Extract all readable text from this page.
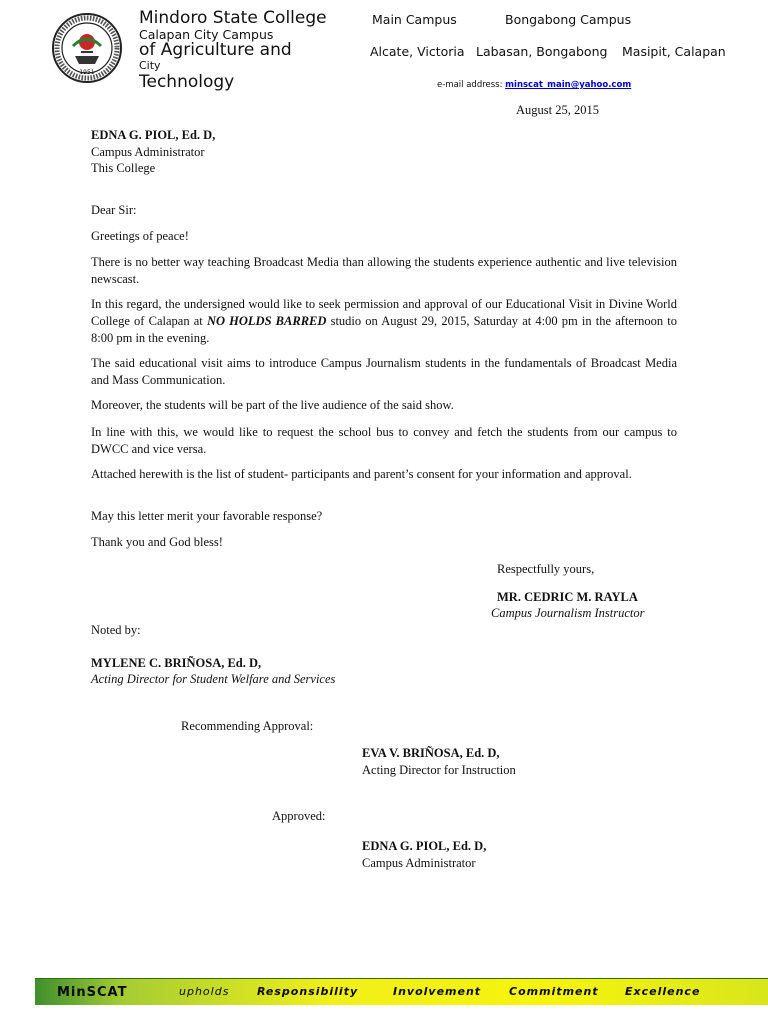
1951
Mindoro State College
Calapan City Campus
of Agriculture and
City
Technology
Main Campus	Bongabong Campus
Alcate, Victoria Labasan, Bongabong Masipit, Calapan
e-mail address: minscat_main@yahoo.com
August 25, 2015
EDNA G. PIOL, Ed. D,
Campus Administrator
This College
Dear Sir:
Greetings of peace!
There is no better way teaching Broadcast Media than allowing the students experience authentic and live television newscast.
In this regard, the undersigned would like to seek permission and approval of our Educational Visit in Divine World College of Calapan at NO HOLDS BARRED studio on August 29, 2015, Saturday at 4:00 pm in the afternoon to 8:00 pm in the evening.
The said educational visit aims to introduce Campus Journalism students in the fundamentals of Broadcast Media and Mass Communication.
Moreover, the students will be part of the live audience of the said show.
In line with this, we would like to request the school bus to convey and fetch the students from our campus to DWCC and vice versa.
Attached herewith is the list of student- participants and parent’s consent for your information and approval.
May this letter merit your favorable response?
Thank you and God bless!
Respectfully yours,
MR. CEDRIC M. RAYLA
Campus Journalism Instructor
Noted by:
MYLENE C. BRIÑOSA, Ed. D,
Acting Director for Student Welfare and Services
Recommending Approval:
EVA V. BRIÑOSA, Ed. D,
Acting Director for Instruction
Approved:
EDNA G. PIOL, Ed. D,
Campus Administrator
MinSCAT	upholds	Responsibility	Involvement	Commitment Excellence
